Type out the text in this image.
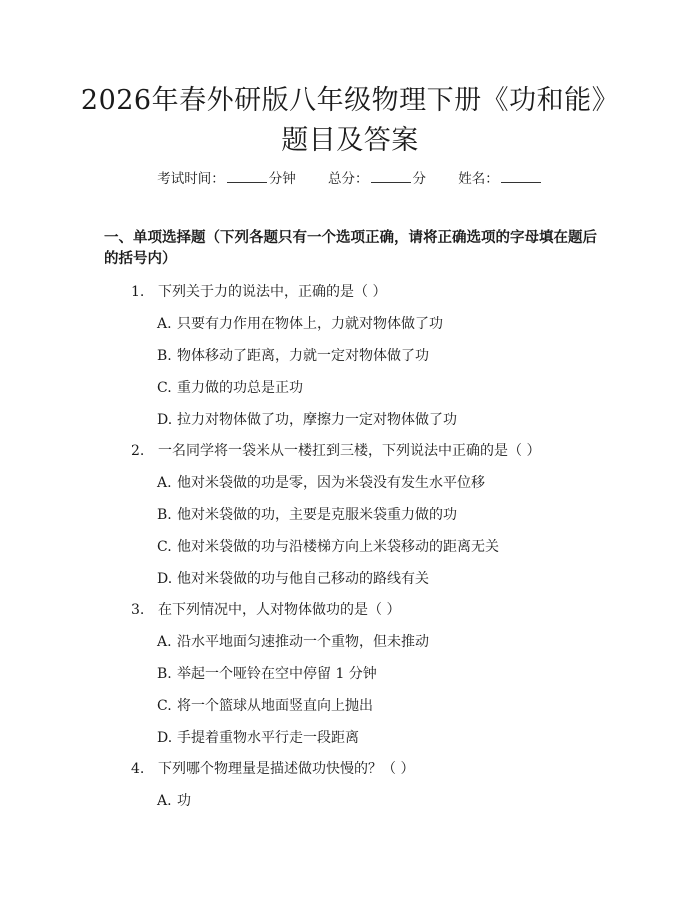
2026年春外研版八年级物理下册《功和能》
题目及答案
考试时间：	分钟 总分：	分 姓名：
一、单项选择题（下列各题只有一个选项正确，请将正确选项的字母填在题后的括号内）
1. 下列关于力的说法中，正确的是（ ）
A. 只要有力作用在物体上，力就对物体做了功
B. 物体移动了距离，力就一定对物体做了功
C. 重力做的功总是正功
D. 拉力对物体做了功，摩擦力一定对物体做了功
2. 一名同学将一袋米从一楼扛到三楼，下列说法中正确的是（ ）
A. 他对米袋做的功是零，因为米袋没有发生水平位移
B. 他对米袋做的功，主要是克服米袋重力做的功
C. 他对米袋做的功与沿楼梯方向上米袋移动的距离无关
D. 他对米袋做的功与他自己移动的路线有关
3. 在下列情况中，人对物体做功的是（ ）
A. 沿水平地面匀速推动一个重物，但未推动
B. 举起一个哑铃在空中停留 1 分钟
C. 将一个篮球从地面竖直向上抛出
D. 手提着重物水平行走一段距离
4. 下列哪个物理量是描述做功快慢的？（ ）
A. 功
